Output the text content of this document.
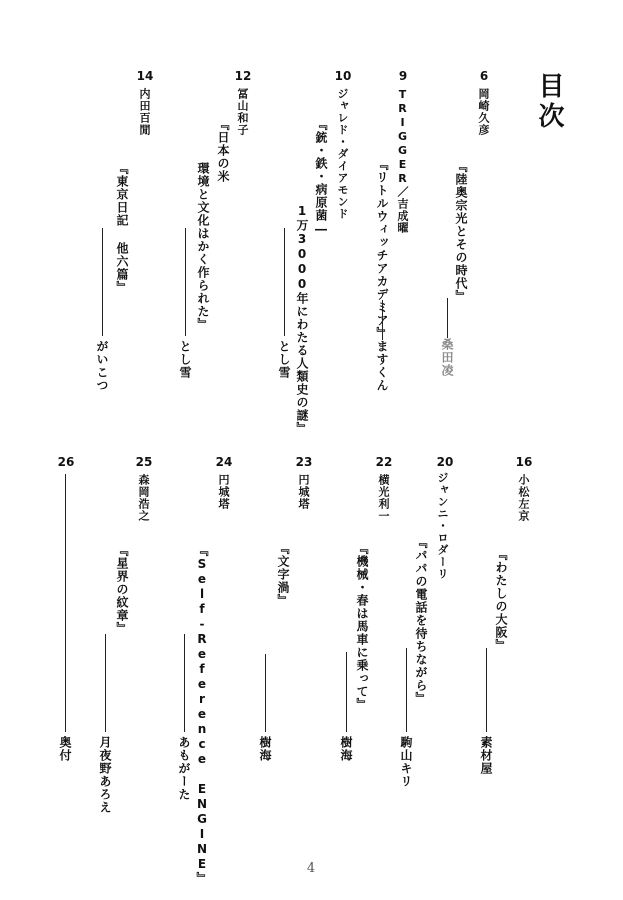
目次
6
岡崎久彦
『陸奥宗光とその時代』
桑田凌
9
TRIGGER／吉成曜
『リトルウィッチアカデミア』
ますくん
10
ジャレド・ダイアモンド
『銃・鉄・病原菌―
1万3000年にわたる人類史の謎』
とし雪
12
冨山和子
『日本の米
環境と文化はかく作られた』
とし雪
14
内田百閒
『東京日記 他六篇』
がいこつ
16
小松左京
『わたしの大阪』
素材屋
20
ジャンニ・ロダーリ
『パパの電話を待ちながら』
駒山キリ
22
横光利一
『機械・春は馬車に乗って』
樹海
23
円城塔
『文字渦』
樹海
24
円城塔
『Self-Reference ENGINE』
あもがーた
25
森岡浩之
『星界の紋章』
月夜野あろえ
26
奥付
4
